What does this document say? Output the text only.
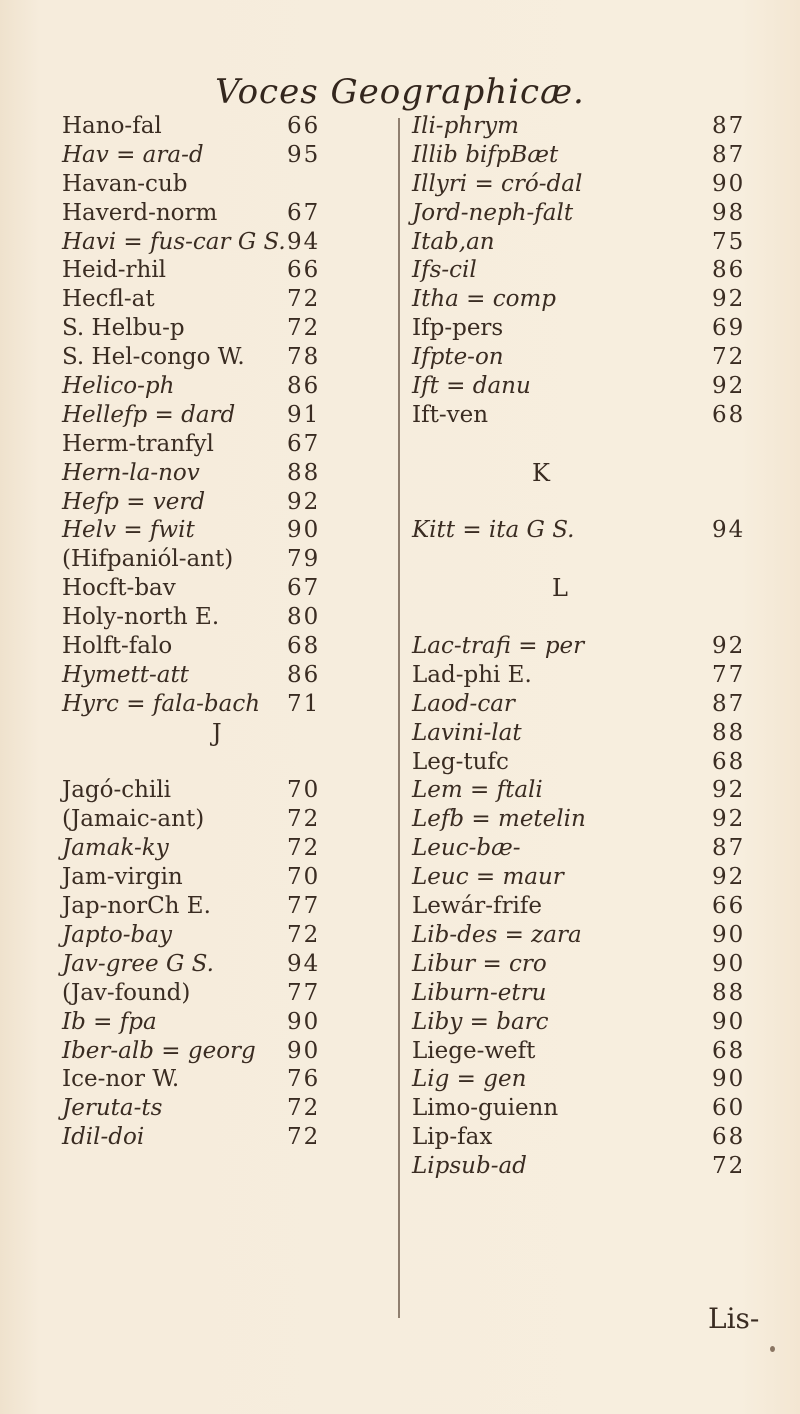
Voces Geographicæ.
Hano-fal	66
Hav = ara-d	95
Havan-cub
Haverd-norm	67
Havi = fus-car G S. 94
Heid-rhil	66
Hecfl-at	72
S. Helbu-p	72
S. Hel-congo W. 78
Helico-ph	86
Hellefp = dard 91
Herm-tranfyl	67
Hern-la-nov	88
Hefp = verd	92
Helv = fwit	90
(Hifpaniól-ant) 79
Hocft-bav	67
Holy-north E.	80
Holft-falo	68
Hymett-att	86
Hyrc = fala-bach 71
J
Jagó-chili	70
(Jamaic-ant)	72
Jamak-ky	72
Jam-virgin	70
Jap-norCh E.	77
Japto-bay	72
Jav-gree G S.	94
(Jav-found)	77
Ib = fpa	90
Iber-alb = georg 90
Ice-nor W.	76
Jeruta-ts	72
Idil-doi	72
Ili-phrym	87
Illib bifpBæt	87
Illyri = cró-dal	90
Jord-neph-falt	98
Itab,an	75
Ifs-cil	86
Itha = comp	92
Ifp-pers	69
Ifpte-on	72
Ift = danu	92
Ift-ven	68
K
Kitt = ita G S.	94
L
Lac-trafi = per	92
Lad-phi E.	77
Laod-car	87
Lavini-lat	88
Leg-tufc	68
Lem = ftali	92
Lefb = metelin	92
Leuc-bæ-	87
Leuc = maur	92
Lewár-frife	66
Lib-des = zara	90
Libur = cro	90
Liburn-etru	88
Liby = barc	90
Liege-weft	68
Lig = gen	90
Limo-guienn	60
Lip-fax	68
Lipsub-ad	72
Lis-
